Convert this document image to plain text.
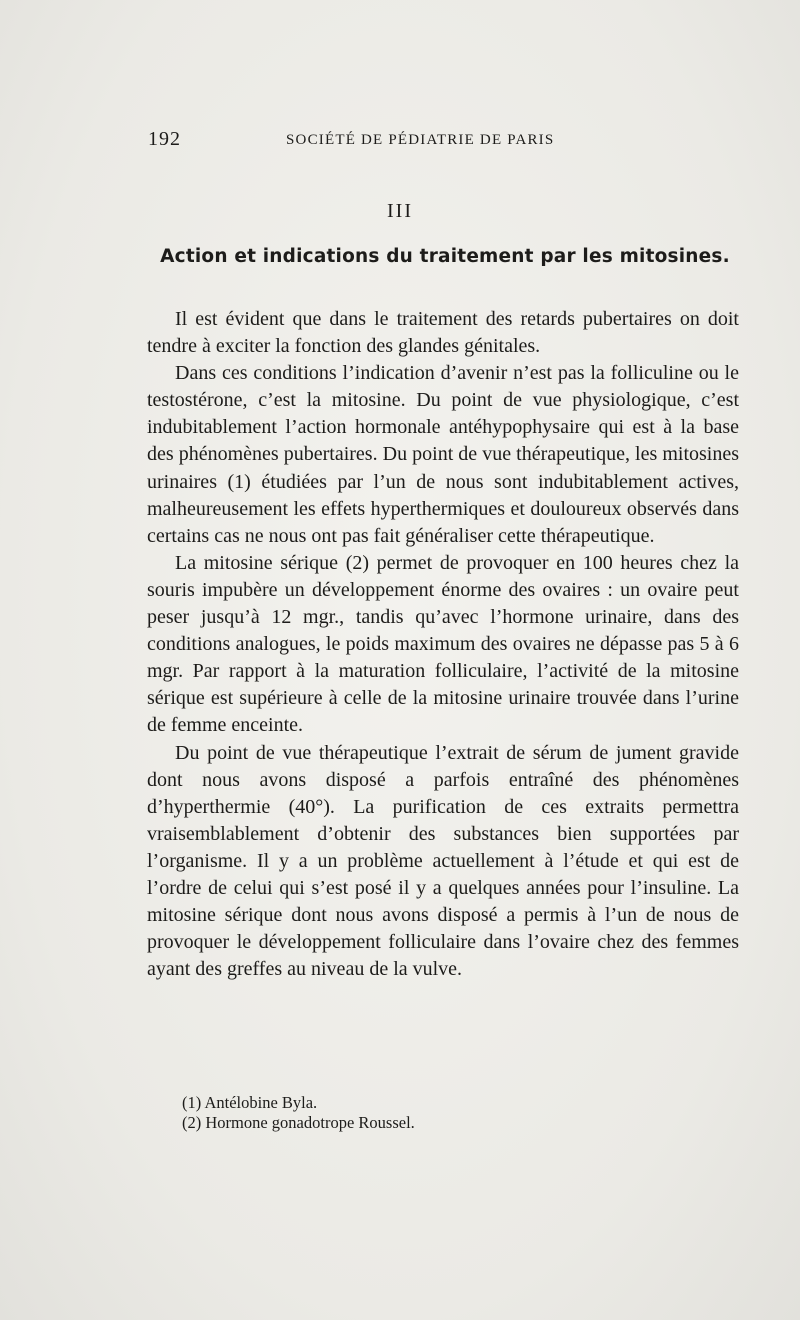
192	SOCIÉTÉ DE PÉDIATRIE DE PARIS
III
Action et indications du traitement par les mitosines.

Il est évident que dans le traitement des retards pubertaires on doit tendre à exciter la fonction des glandes génitales.

Dans ces conditions l’indication d’avenir n’est pas la folliculine ou le testostérone, c’est la mitosine. Du point de vue physiologique, c’est indubitablement l’action hormonale antéhypophysaire qui est à la base des phénomènes pubertaires. Du point de vue thérapeutique, les mitosines urinaires (1) étudiées par l’un de nous sont indubitablement actives, malheureusement les effets hyperthermiques et douloureux observés dans certains cas ne nous ont pas fait généraliser cette thérapeutique.

La mitosine sérique (2) permet de provoquer en 100 heures chez la souris impubère un développement énorme des ovaires : un ovaire peut peser jusqu’à 12 mgr., tandis qu’avec l’hormone urinaire, dans des conditions analogues, le poids maximum des ovaires ne dépasse pas 5 à 6 mgr. Par rapport à la maturation folliculaire, l’activité de la mitosine sérique est supérieure à celle de la mitosine urinaire trouvée dans l’urine de femme enceinte.

Du point de vue thérapeutique l’extrait de sérum de jument gravide dont nous avons disposé a parfois entraîné des phénomènes d’hyperthermie (40°). La purification de ces extraits permettra vraisemblablement d’obtenir des substances bien supportées par l’organisme. Il y a un problème actuellement à l’étude et qui est de l’ordre de celui qui s’est posé il y a quelques années pour l’insuline. La mitosine sérique dont nous avons disposé a permis à l’un de nous de provoquer le développement folliculaire dans l’ovaire chez des femmes ayant des greffes au niveau de la vulve.

(1) Antélobine Byla.

(2) Hormone gonadotrope Roussel.
